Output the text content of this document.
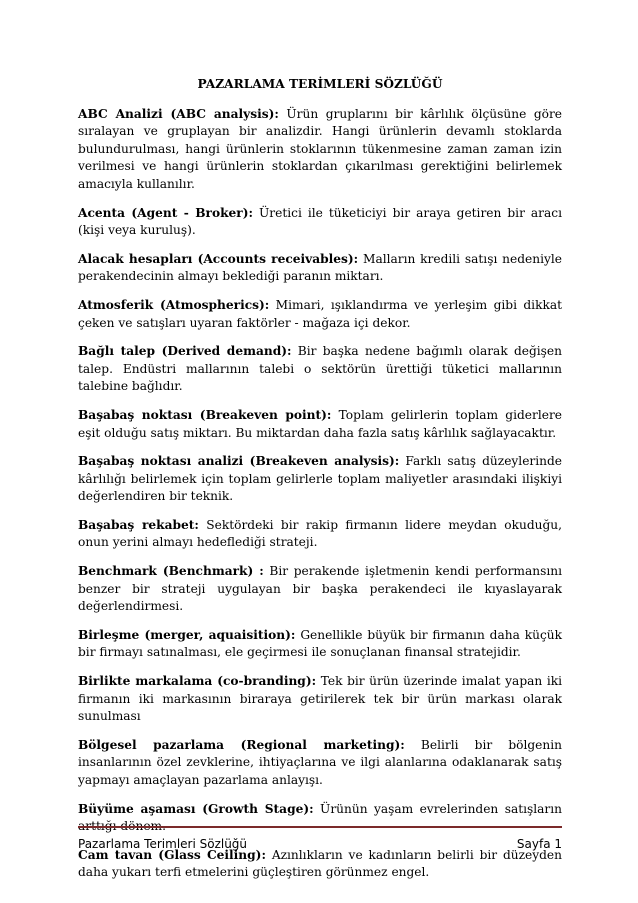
PAZARLAMA TERİMLERİ SÖZLÜĞÜ

ABC Analizi (ABC analysis): Ürün gruplarını bir kârlılık ölçüsüne göre sıralayan ve gruplayan bir analizdir. Hangi ürünlerin devamlı stoklarda bulundurulması, hangi ürünlerin stoklarının tükenmesine zaman zaman izin verilmesi ve hangi ürünlerin stoklardan çıkarılması gerektiğini belirlemek amacıyla kullanılır.

Acenta (Agent - Broker): Üretici ile tüketiciyi bir araya getiren bir aracı (kişi veya kuruluş).

Alacak hesapları (Accounts receivables): Malların kredili satışı nedeniyle perakendecinin almayı beklediği paranın miktarı.

Atmosferik (Atmospherics): Mimari, ışıklandırma ve yerleşim gibi dikkat çeken ve satışları uyaran faktörler - mağaza içi dekor.

Bağlı talep (Derived demand): Bir başka nedene bağımlı olarak değişen talep. Endüstri mallarının talebi o sektörün ürettiği tüketici mallarının talebine bağlıdır.

Başabaş noktası (Breakeven point): Toplam gelirlerin toplam giderlere eşit olduğu satış miktarı. Bu miktardan daha fazla satış kârlılık sağlayacaktır.

Başabaş noktası analizi (Breakeven analysis): Farklı satış düzeylerinde kârlılığı belirlemek için toplam gelirlerle toplam maliyetler arasındaki ilişkiyi değerlendiren bir teknik.

Başabaş rekabet: Sektördeki bir rakip firmanın lidere meydan okuduğu, onun yerini almayı hedeflediği strateji.

Benchmark (Benchmark) : Bir perakende işletmenin kendi performansını benzer bir strateji uygulayan bir başka perakendeci ile kıyaslayarak değerlendirmesi.

Birleşme (merger, aquaisition): Genellikle büyük bir firmanın daha küçük bir firmayı satınalması, ele geçirmesi ile sonuçlanan finansal stratejidir.

Birlikte markalama (co-branding): Tek bir ürün üzerinde imalat yapan iki firmanın iki markasının biraraya getirilerek tek bir ürün markası olarak sunulması

Bölgesel pazarlama (Regional marketing): Belirli bir bölgenin insanlarının özel zevklerine, ihtiyaçlarına ve ilgi alanlarına odaklanarak satış yapmayı amaçlayan pazarlama anlayışı.

Büyüme aşaması (Growth Stage): Ürünün yaşam evrelerinden satışların arttığı dönem.

Cam tavan (Glass Ceiling): Azınlıkların ve kadınların belirli bir düzeyden daha yukarı terfi etmelerini güçleştiren görünmez engel.

Pazarlama Terimleri Sözlüğü	Sayfa 1
